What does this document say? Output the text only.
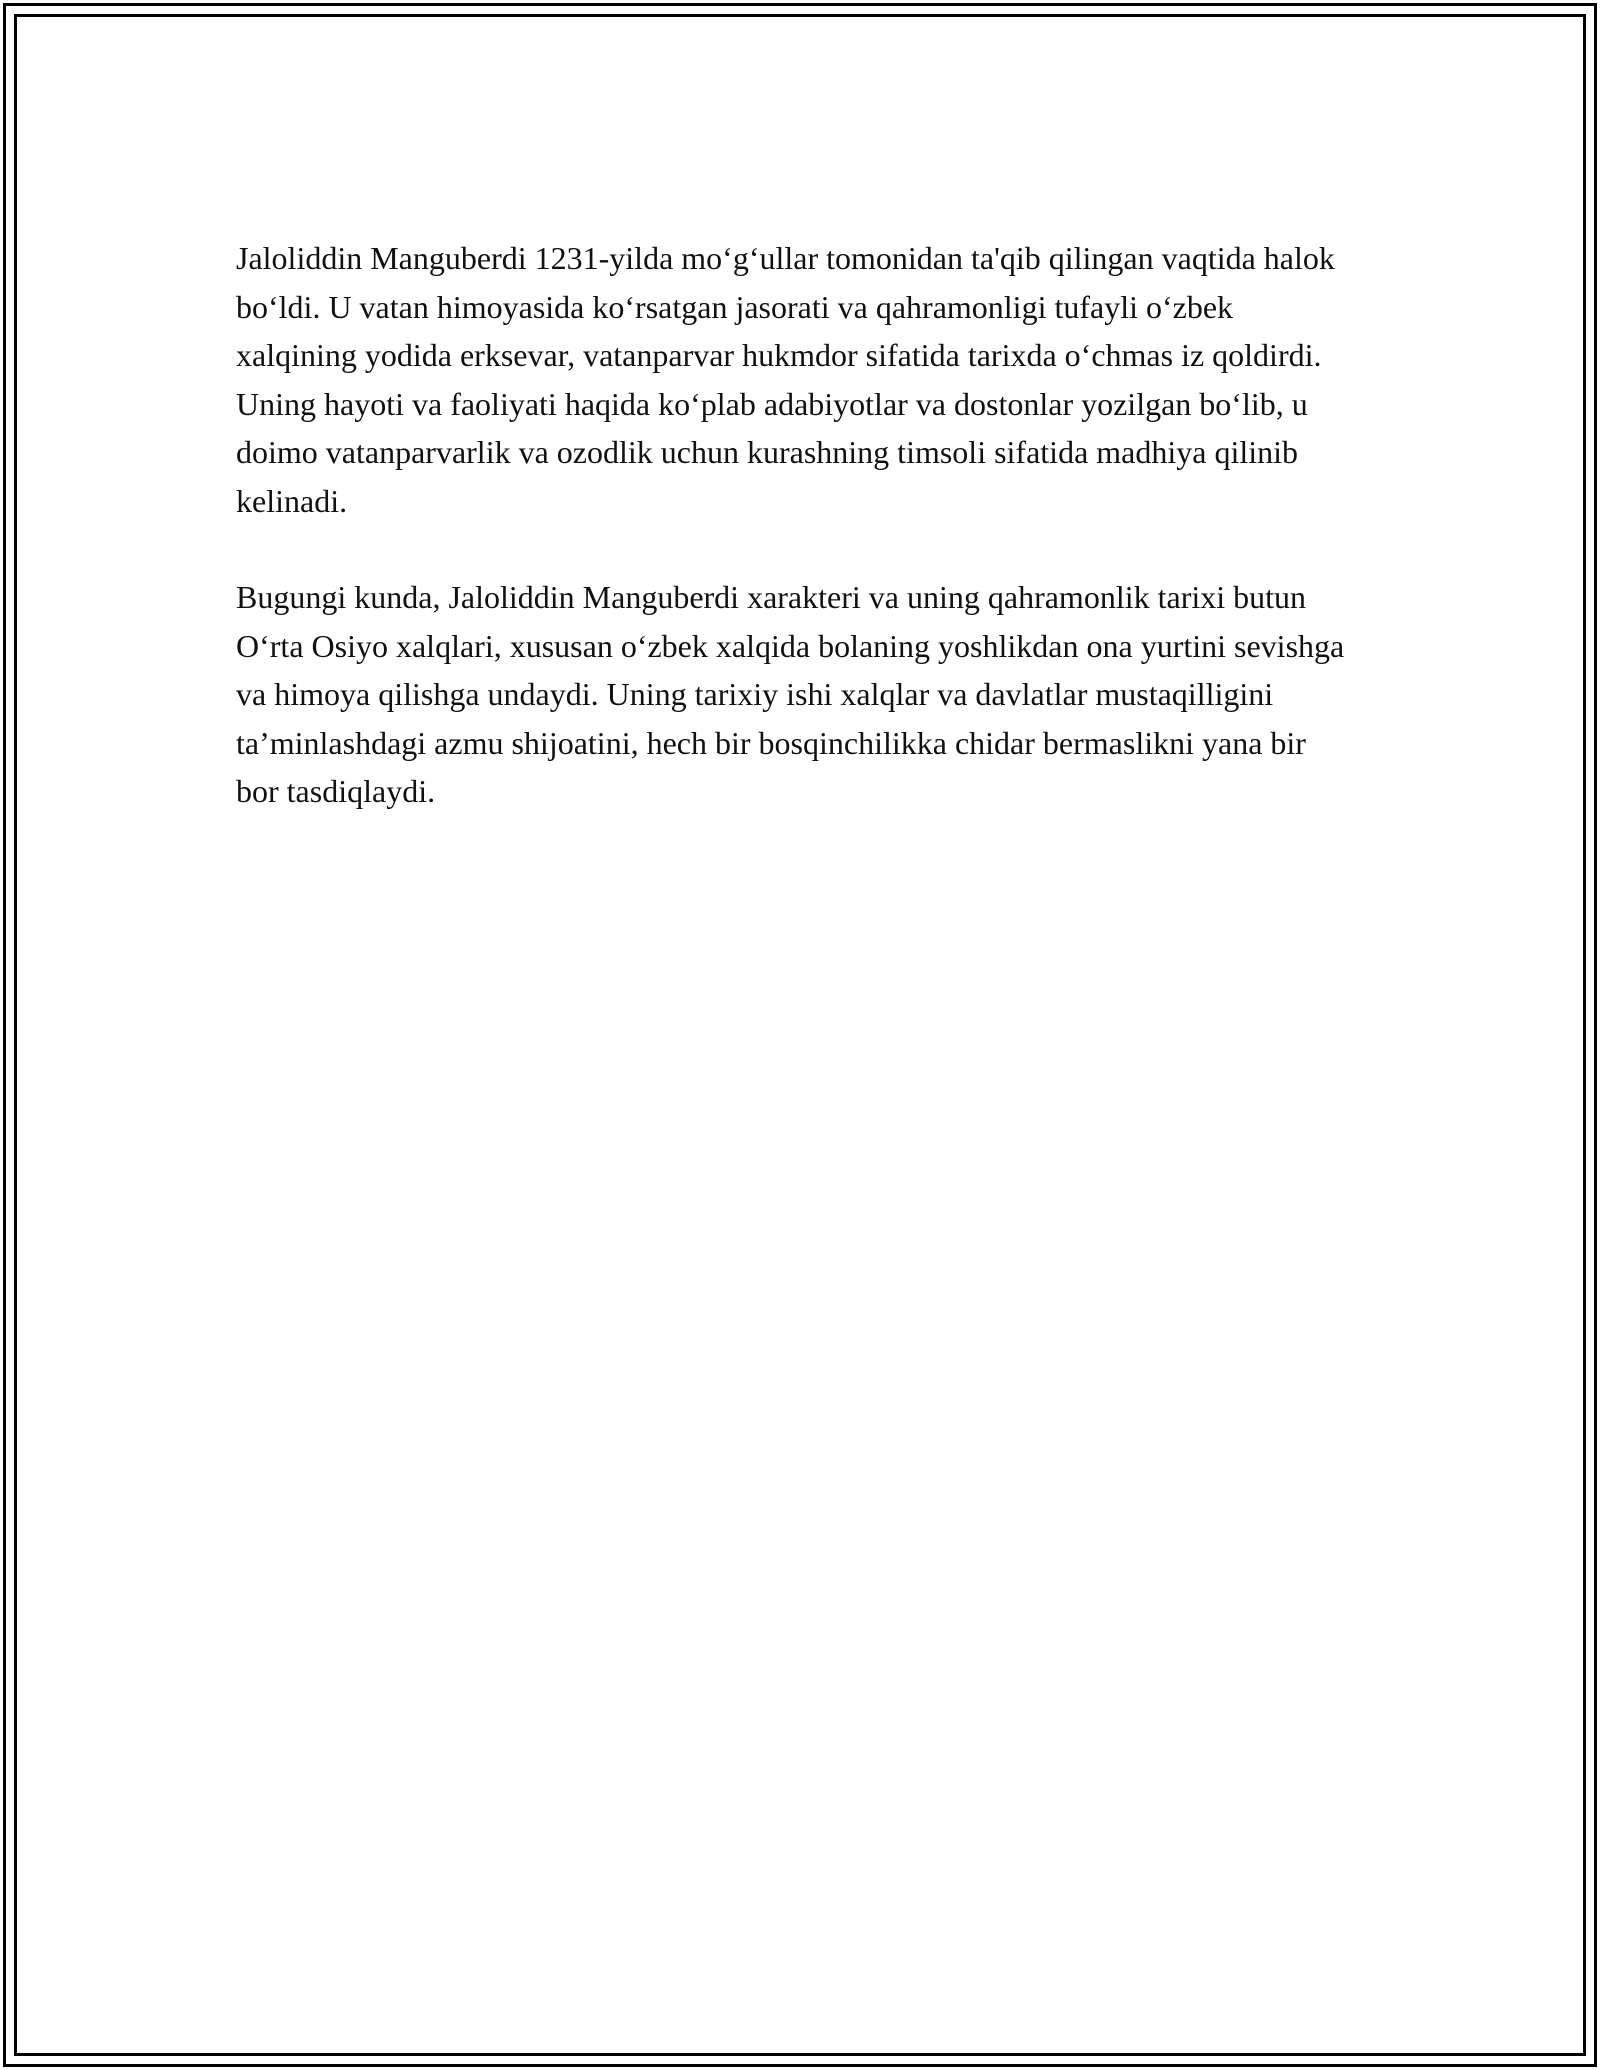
Jaloliddin Manguberdi 1231-yilda mo‘g‘ullar tomonidan ta'qib qilingan vaqtida halok bo‘ldi. U vatan himoyasida ko‘rsatgan jasorati va qahramonligi tufayli o‘zbek xalqining yodida erksevar, vatanparvar hukmdor sifatida tarixda o‘chmas iz qoldirdi. Uning hayoti va faoliyati haqida ko‘plab adabiyotlar va dostonlar yozilgan bo‘lib, u doimo vatanparvarlik va ozodlik uchun kurashning timsoli sifatida madhiya qilinib kelinadi.

Bugungi kunda, Jaloliddin Manguberdi xarakteri va uning qahramonlik tarixi butun O‘rta Osiyo xalqlari, xususan o‘zbek xalqida bolaning yoshlikdan ona yurtini sevishga va himoya qilishga undaydi. Uning tarixiy ishi xalqlar va davlatlar mustaqilligini ta’minlashdagi azmu shijoatini, hech bir bosqinchilikka chidar bermaslikni yana bir bor tasdiqlaydi.
